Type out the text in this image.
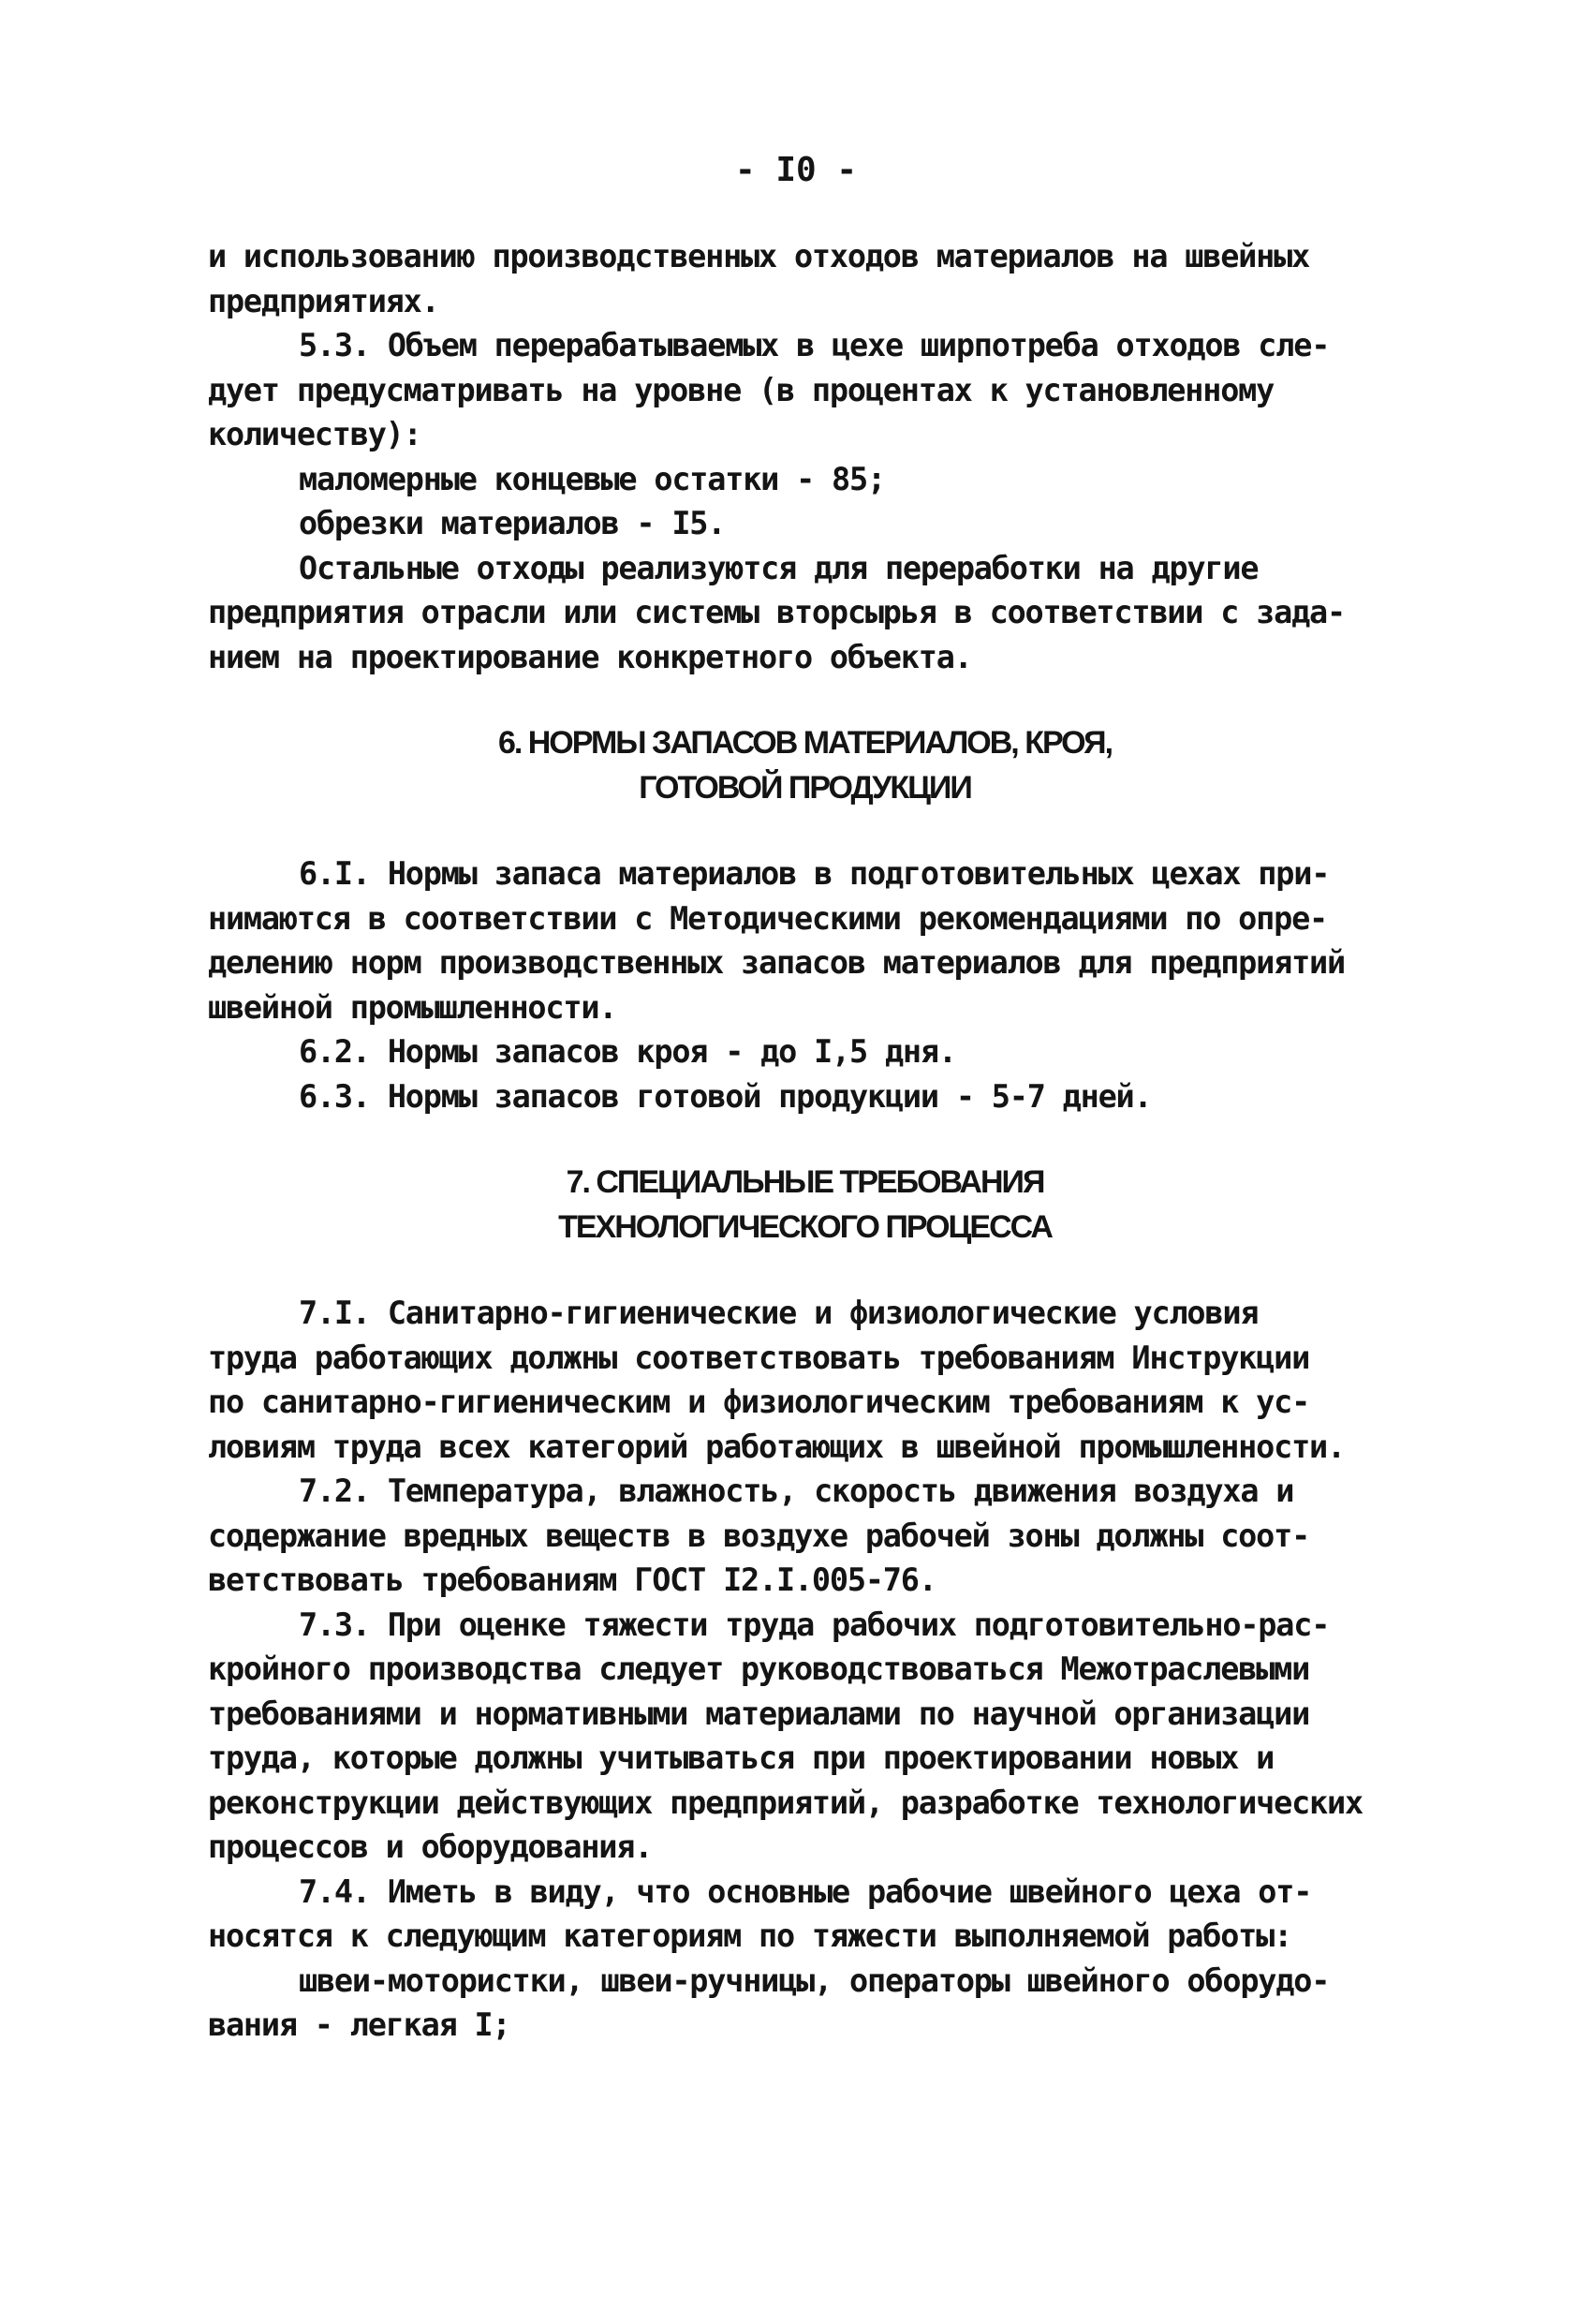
- I0 -
и использованию производственных отходов материалов на швейных
предприятиях.
5.3. Объем перерабатываемых в цехе ширпотреба отходов сле-
дует предусматривать на уровне (в процентах к установленному
количеству):
маломерные концевые остатки - 85;
обрезки материалов - I5.
Остальные отходы реализуются для переработки на другие
предприятия отрасли или системы вторсырья в соответствии с зада-
нием на проектирование конкретного объекта.
6. НОРМЫ ЗАПАСОВ МАТЕРИАЛОВ, КРОЯ,
ГОТОВОЙ ПРОДУКЦИИ
6.I. Нормы запаса материалов в подготовительных цехах при-
нимаются в соответствии с Методическими рекомендациями по опре-
делению норм производственных запасов материалов для предприятий
швейной промышленности.
6.2. Нормы запасов кроя - до I,5 дня.
6.3. Нормы запасов готовой продукции - 5-7 дней.
7. СПЕЦИАЛЬНЫЕ ТРЕБОВАНИЯ
ТЕХНОЛОГИЧЕСКОГО ПРОЦЕССА
7.I. Санитарно-гигиенические и физиологические условия
труда работающих должны соответствовать требованиям Инструкции
по санитарно-гигиеническим и физиологическим требованиям к ус-
ловиям труда всех категорий работающих в швейной промышленности.
7.2. Температура, влажность, скорость движения воздуха и
содержание вредных веществ в воздухе рабочей зоны должны соот-
ветствовать требованиям ГОСТ I2.I.005-76.
7.3. При оценке тяжести труда рабочих подготовительно-рас-
кройного производства следует руководствоваться Межотраслевыми
требованиями и нормативными материалами по научной организации
труда, которые должны учитываться при проектировании новых и
реконструкции действующих предприятий, разработке технологических
процессов и оборудования.
7.4. Иметь в виду, что основные рабочие швейного цеха от-
носятся к следующим категориям по тяжести выполняемой работы:
швеи-мотористки, швеи-ручницы, операторы швейного оборудо-
вания - легкая I;
